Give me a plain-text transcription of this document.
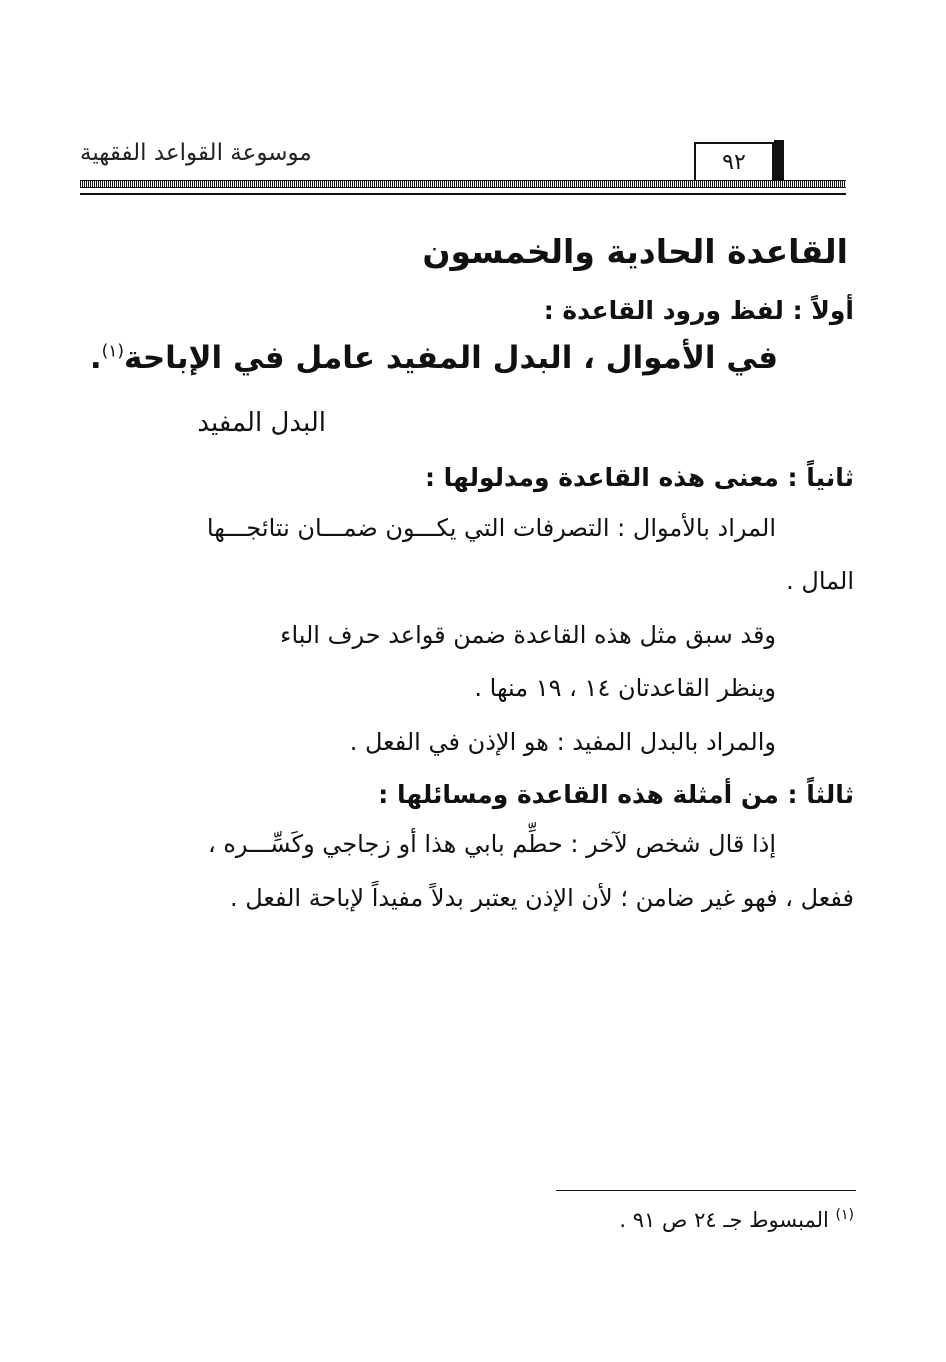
موسوعة القواعد الفقهية	٩٢
القاعدة الحادية والخمسون
أولاً : لفظ ورود القاعدة :
في الأموال ، البدل المفيد عامل في الإباحة$^{(١)}$.
البدل المفيد
ثانياً : معنى هذه القاعدة ومدلولها :
المراد بالأموال : التصرفات التي يكـــون ضمـــان نتائجـــها
المال .
وقد سبق مثل هذه القاعدة ضمن قواعد حرف الباء
وينظر القاعدتان ١٤ ، ١٩ منها .
والمراد بالبدل المفيد : هو الإذن في الفعل .
ثالثاً : من أمثلة هذه القاعدة ومسائلها :
إذا قال شخص لآخر : حطِّم بابي هذا أو زجاجي وكَسِّـــره ،
ففعل ، فهو غير ضامن ؛ لأن الإذن يعتبر بدلاً مفيداً لإباحة الفعل .
$^{(١)}$ المبسوط جـ ٢٤ ص ٩١ .
